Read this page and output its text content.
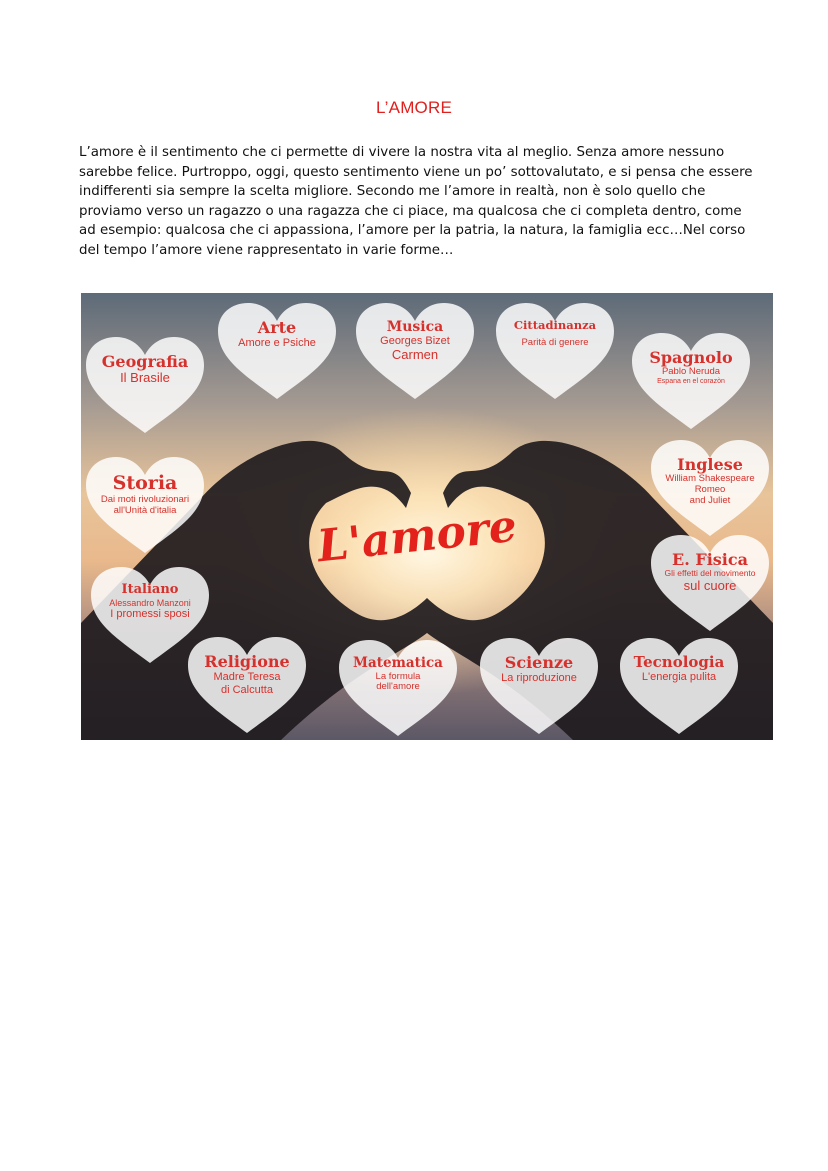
L’AMORE

L’amore è il sentimento che ci permette di vivere la nostra vita al meglio. Senza amore nessuno sarebbe felice. Purtroppo, oggi, questo sentimento viene un po’ sottovalutato, e si pensa che essere indifferenti sia sempre la scelta migliore. Secondo me l’amore in realtà, non è solo quello che proviamo verso un ragazzo o una ragazza che ci piace, ma qualcosa che ci completa dentro, come ad esempio: qualcosa che ci appassiona, l’amore per la patria, la natura, la famiglia ecc…Nel corso del tempo l’amore viene rappresentato in varie forme…

L'amore
Geografia
Il Brasile
Arte
Amore e Psiche
Musica
Georges Bizet
Carmen
Cittadinanza
Parità di genere
Spagnolo
Pablo Neruda
Espana en el corazòn
Storia
Dai moti rivoluzionari
all'Unità d'italia
Inglese
William Shakespeare
Romeo
and Juliet
Italiano
Alessandro Manzoni
I promessi sposi
E. Fisica
Gli effetti del movimento
sul cuore
Religione
Madre Teresa
di Calcutta
Matematica
La formula
dell'amore
Scienze
La riproduzione
Tecnologia
L'energia pulita
